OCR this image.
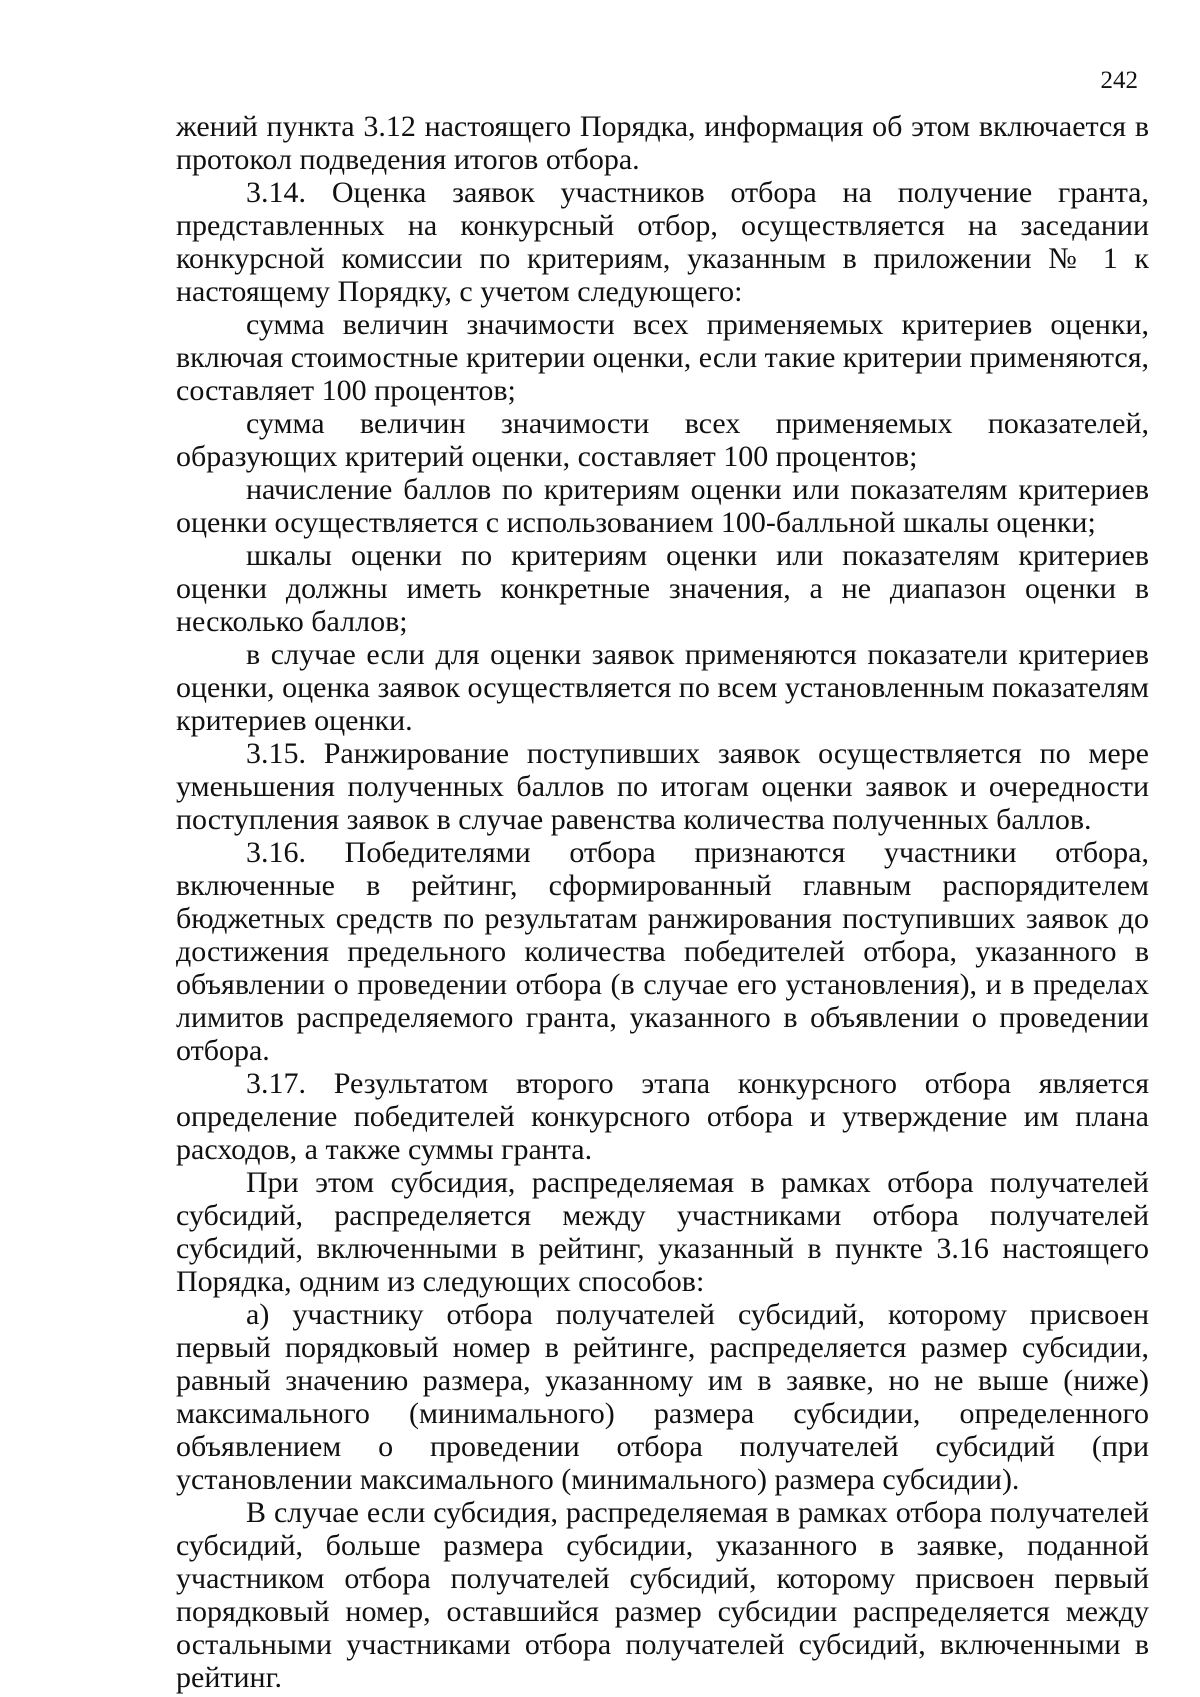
242

жений пункта 3.12 настоящего Порядка, информация об этом включается в протокол подведения итогов отбора.

3.14. Оценка заявок участников отбора на получение гранта, представленных на конкурсный отбор, осуществляется на заседании конкурсной комиссии по критериям, указанным в приложении № 1 к настоящему Порядку, с учетом следующего:

сумма величин значимости всех применяемых критериев оценки, включая стоимостные критерии оценки, если такие критерии применяются, составляет 100 процентов;

сумма величин значимости всех применяемых показателей, образующих критерий оценки, составляет 100 процентов;

начисление баллов по критериям оценки или показателям критериев оценки осуществляется с использованием 100-балльной шкалы оценки;

шкалы оценки по критериям оценки или показателям критериев оценки должны иметь конкретные значения, а не диапазон оценки в несколько баллов;

в случае если для оценки заявок применяются показатели критериев оценки, оценка заявок осуществляется по всем установленным показателям критериев оценки.

3.15. Ранжирование поступивших заявок осуществляется по мере уменьшения полученных баллов по итогам оценки заявок и очередности поступления заявок в случае равенства количества полученных баллов.

3.16. Победителями отбора признаются участники отбора, включенные в рейтинг, сформированный главным распорядителем бюджетных средств по результатам ранжирования поступивших заявок до достижения предельного количества победителей отбора, указанного в объявлении о проведении отбора (в случае его установления), и в пределах лимитов распределяемого гранта, указанного в объявлении о проведении отбора.

3.17. Результатом второго этапа конкурсного отбора является определение победителей конкурсного отбора и утверждение им плана расходов, а также суммы гранта.

При этом субсидия, распределяемая в рамках отбора получателей субсидий, распределяется между участниками отбора получателей субсидий, включенными в рейтинг, указанный в пункте 3.16 настоящего Порядка, одним из следующих способов:

а) участнику отбора получателей субсидий, которому присвоен первый порядковый номер в рейтинге, распределяется размер субсидии, равный значению размера, указанному им в заявке, но не выше (ниже) максимального (минимального) размера субсидии, определенного объявлением о проведении отбора получателей субсидий (при установлении максимального (минимального) размера субсидии).

В случае если субсидия, распределяемая в рамках отбора получателей субсидий, больше размера субсидии, указанного в заявке, поданной участником отбора получателей субсидий, которому присвоен первый порядковый номер, оставшийся размер субсидии распределяется между остальными участниками отбора получателей субсидий, включенными в рейтинг.
